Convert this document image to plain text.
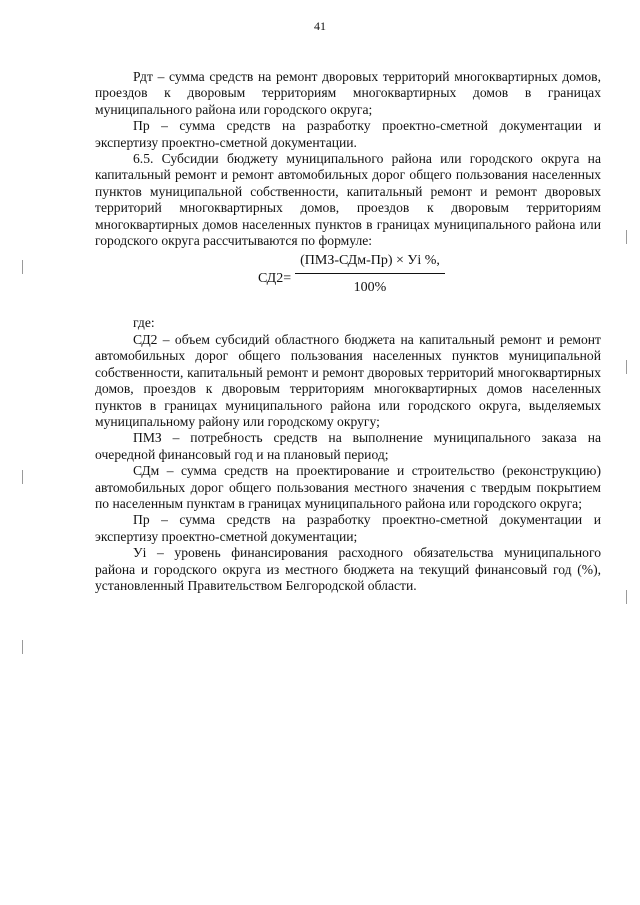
41

Рдт – сумма средств на ремонт дворовых территорий многоквартирных домов, проездов к дворовым территориям многоквартирных домов в границах муниципального района или городского округа;

Пр – сумма средств на разработку проектно-сметной документации и экспертизу проектно-сметной документации.

6.5. Субсидии бюджету муниципального района или городского округа на капитальный ремонт и ремонт автомобильных дорог общего пользования населенных пунктов муниципальной собственности, капитальный ремонт и ремонт дворовых территорий многоквартирных домов, проездов к дворовым территориям многоквартирных домов населенных пунктов в границах муниципального района или городского округа рассчитываются по формуле:

СД2=
(ПМЗ-СДм-Пр) × Уi %,
100%

где:

СД2 – объем субсидий областного бюджета на капитальный ремонт и ремонт автомобильных дорог общего пользования населенных пунктов муниципальной собственности, капитальный ремонт и ремонт дворовых территорий многоквартирных домов, проездов к дворовым территориям многоквартирных домов населенных пунктов в границах муниципального района или городского округа, выделяемых муниципальному району или городскому округу;

ПМЗ – потребность средств на выполнение муниципального заказа на очередной финансовый год и на плановый период;

СДм – сумма средств на проектирование и строительство (реконструкцию) автомобильных дорог общего пользования местного значения с твердым покрытием по населенным пунктам в границах муниципального района или городского округа;

Пр – сумма средств на разработку проектно-сметной документации и экспертизу проектно-сметной документации;

Уi – уровень финансирования расходного обязательства муниципального района и городского округа из местного бюджета на текущий финансовый год (%), установленный Правительством Белгородской области.
